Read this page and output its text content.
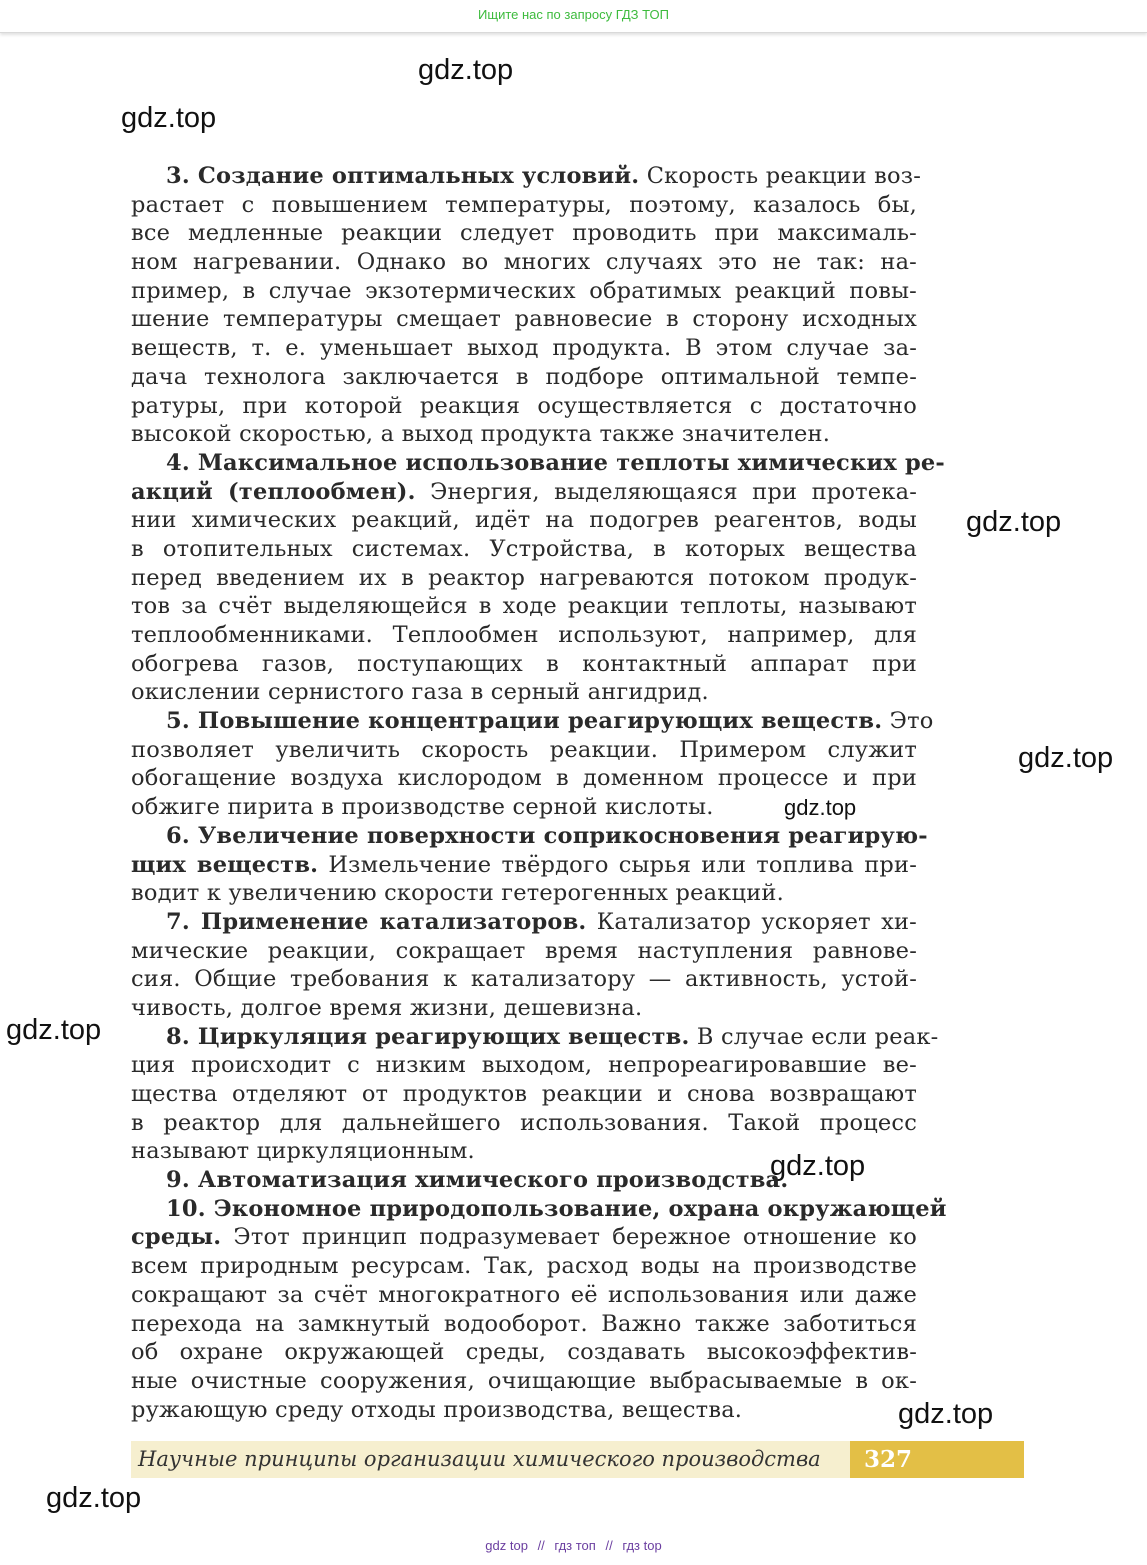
Ищите нас по запросу ГДЗ ТОП
gdz.top
gdz.top
gdz.top
gdz.top
gdz.top
gdz.top
gdz.top
gdz.top
gdz.top
3. Создание оптимальных условий. Скорость реакции воз-
растает с повышением температуры, поэтому, казалось бы,
все медленные реакции следует проводить при максималь-
ном нагревании. Однако во многих случаях это не так: на-
пример, в случае экзотермических обратимых реакций повы-
шение температуры смещает равновесие в сторону исходных
веществ, т. е. уменьшает выход продукта. В этом случае за-
дача технолога заключается в подборе оптимальной темпе-
ратуры, при которой реакция осуществляется с достаточно
высокой скоростью, а выход продукта также значителен.
4. Максимальное использование теплоты химических ре-
акций (теплообмен). Энергия, выделяющаяся при протека-
нии химических реакций, идёт на подогрев реагентов, воды
в отопительных системах. Устройства, в которых вещества
перед введением их в реактор нагреваются потоком продук-
тов за счёт выделяющейся в ходе реакции теплоты, называют
теплообменниками. Теплообмен используют, например, для
обогрева газов, поступающих в контактный аппарат при
окислении сернистого газа в серный ангидрид.
5. Повышение концентрации реагирующих веществ. Это
позволяет увеличить скорость реакции. Примером служит
обогащение воздуха кислородом в доменном процессе и при
обжиге пирита в производстве серной кислоты.
6. Увеличение поверхности соприкосновения реагирую-
щих веществ. Измельчение твёрдого сырья или топлива при-
водит к увеличению скорости гетерогенных реакций.
7. Применение катализаторов. Катализатор ускоряет хи-
мические реакции, сокращает время наступления равнове-
сия. Общие требования к катализатору — активность, устой-
чивость, долгое время жизни, дешевизна.
8. Циркуляция реагирующих веществ. В случае если реак-
ция происходит с низким выходом, непрореагировавшие ве-
щества отделяют от продуктов реакции и снова возвращают
в реактор для дальнейшего использования. Такой процесс
называют циркуляционным.
9. Автоматизация химического производства.
10. Экономное природопользование, охрана окружающей
среды. Этот принцип подразумевает бережное отношение ко
всем природным ресурсам. Так, расход воды на производстве
сокращают за счёт многократного её использования или даже
перехода на замкнутый водооборот. Важно также заботиться
об охране окружающей среды, создавать высокоэффектив-
ные очистные сооружения, очищающие выбрасываемые в ок-
ружающую среду отходы производства, вещества.
Научные принципы организации химического производства	327
gdz top // гдз топ // гдз top
